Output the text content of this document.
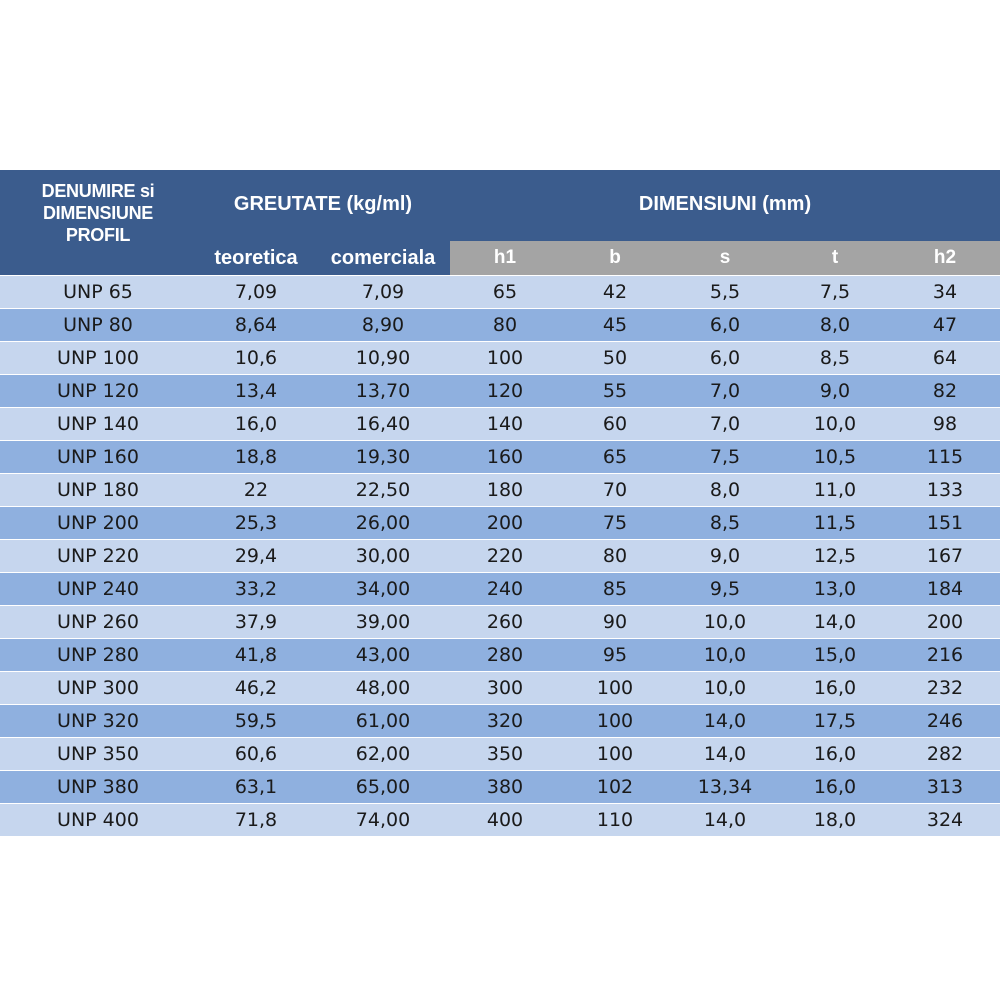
DENUMIRE si
DIMENSIUNE
PROFIL	GREUTATE (kg/ml)		DIMENSIUNI (mm)				
	teoretica	comerciala	h1	b	s	t	h2
UNP 65	7,09	7,09	65	42	5,5	7,5	34
UNP 80	8,64	8,90	80	45	6,0	8,0	47
UNP 100	10,6	10,90	100	50	6,0	8,5	64
UNP 120	13,4	13,70	120	55	7,0	9,0	82
UNP 140	16,0	16,40	140	60	7,0	10,0	98
UNP 160	18,8	19,30	160	65	7,5	10,5	115
UNP 180	22	22,50	180	70	8,0	11,0	133
UNP 200	25,3	26,00	200	75	8,5	11,5	151
UNP 220	29,4	30,00	220	80	9,0	12,5	167
UNP 240	33,2	34,00	240	85	9,5	13,0	184
UNP 260	37,9	39,00	260	90	10,0	14,0	200
UNP 280	41,8	43,00	280	95	10,0	15,0	216
UNP 300	46,2	48,00	300	100	10,0	16,0	232
UNP 320	59,5	61,00	320	100	14,0	17,5	246
UNP 350	60,6	62,00	350	100	14,0	16,0	282
UNP 380	63,1	65,00	380	102	13,34	16,0	313
UNP 400	71,8	74,00	400	110	14,0	18,0	324
